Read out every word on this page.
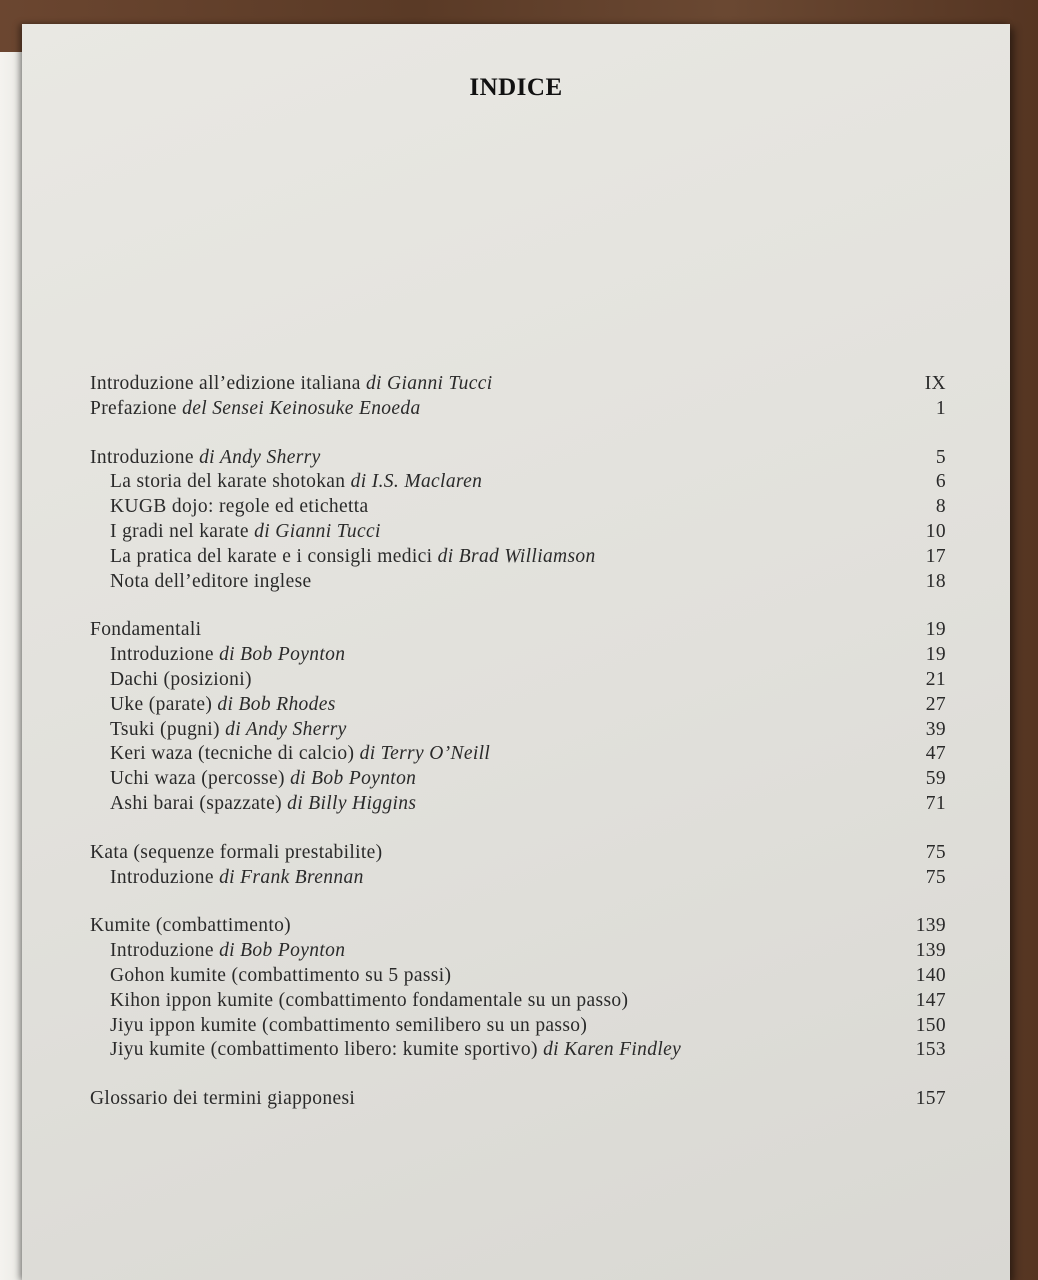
INDICE
Introduzione all’edizione italiana di Gianni Tucci	IX
Prefazione del Sensei Keinosuke Enoeda	1
Introduzione di Andy Sherry	5
La storia del karate shotokan di I.S. Maclaren	6
KUGB dojo: regole ed etichetta	8
I gradi nel karate di Gianni Tucci	10
La pratica del karate e i consigli medici di Brad Williamson	17
Nota dell’editore inglese	18
Fondamentali	19
Introduzione di Bob Poynton	19
Dachi (posizioni)	21
Uke (parate) di Bob Rhodes	27
Tsuki (pugni) di Andy Sherry	39
Keri waza (tecniche di calcio) di Terry O’Neill	47
Uchi waza (percosse) di Bob Poynton	59
Ashi barai (spazzate) di Billy Higgins	71
Kata (sequenze formali prestabilite)	75
Introduzione di Frank Brennan	75
Kumite (combattimento)	139
Introduzione di Bob Poynton	139
Gohon kumite (combattimento su 5 passi)	140
Kihon ippon kumite (combattimento fondamentale su un passo)	147
Jiyu ippon kumite (combattimento semilibero su un passo)	150
Jiyu kumite (combattimento libero: kumite sportivo) di Karen Findley	153
Glossario dei termini giapponesi	157
